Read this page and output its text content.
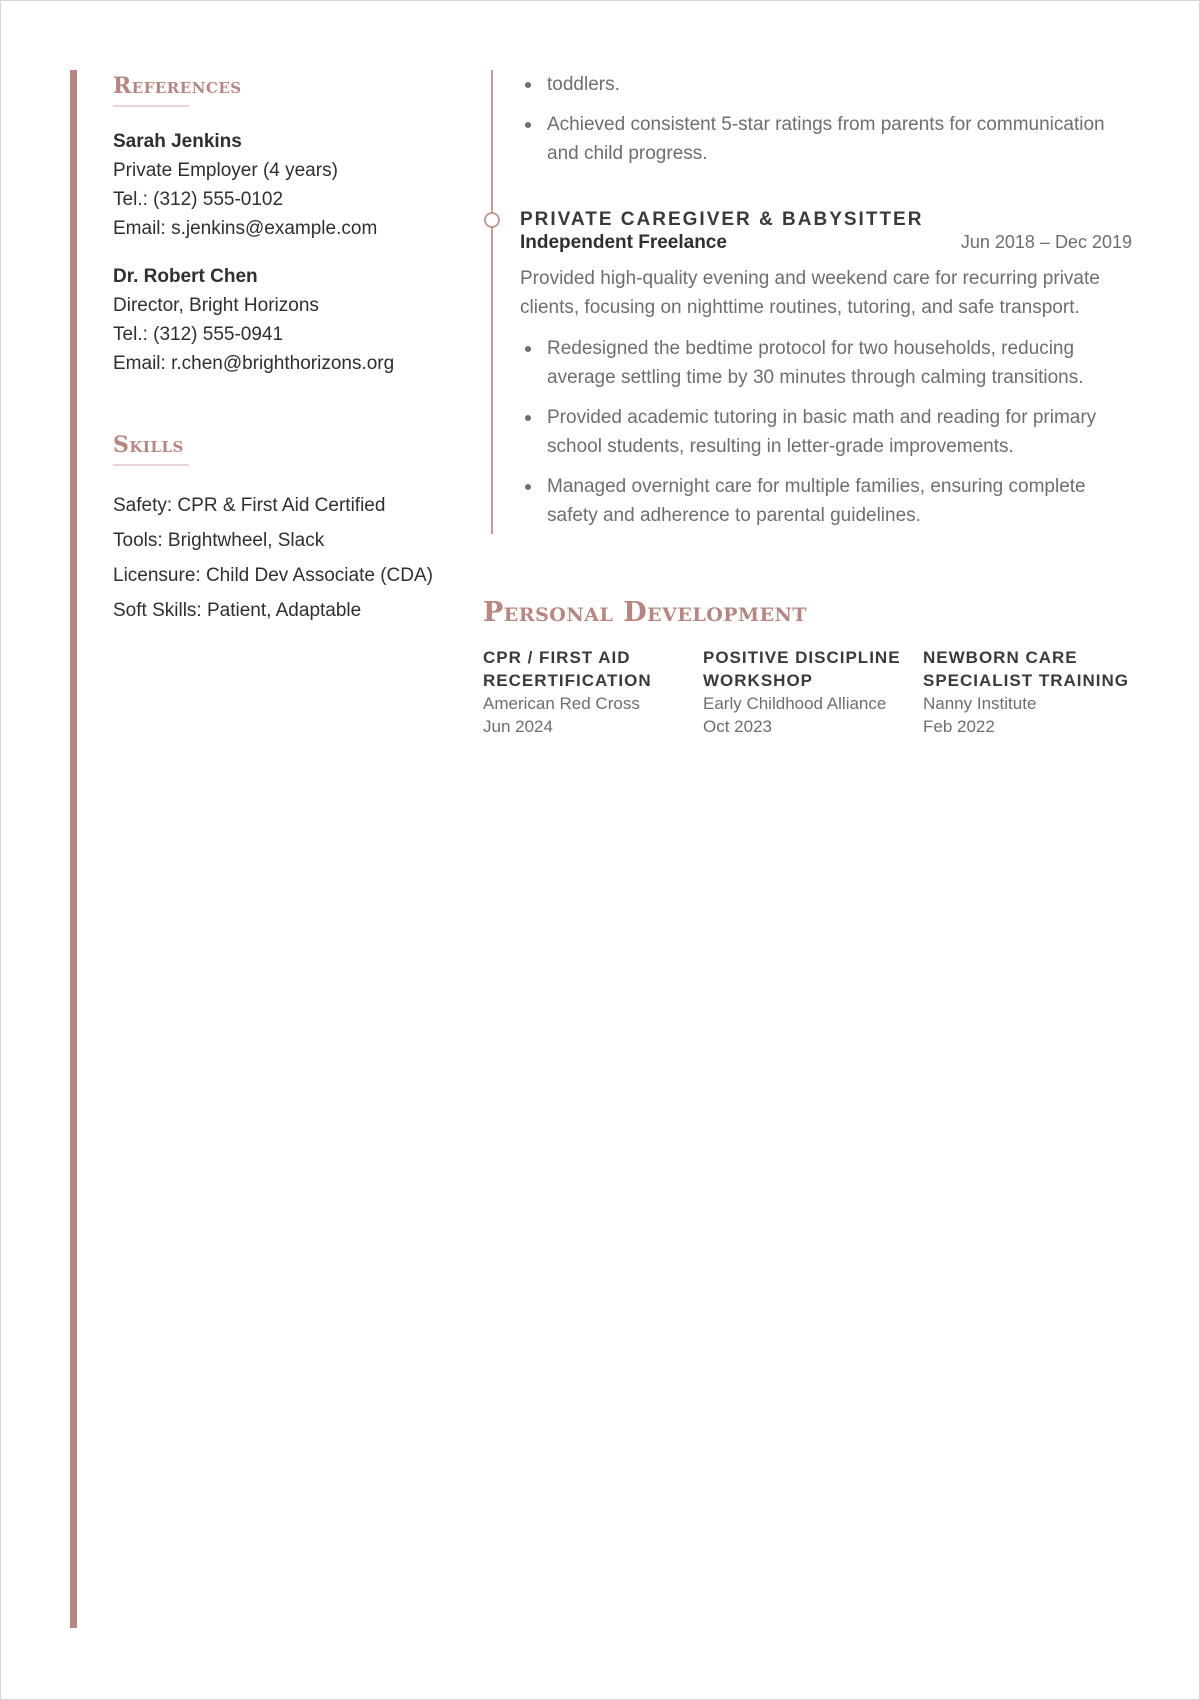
References
Sarah Jenkins
Private Employer (4 years)
Tel.: (312) 555-0102
Email: s.jenkins@example.com
Dr. Robert Chen
Director, Bright Horizons
Tel.: (312) 555-0941
Email: r.chen@brighthorizons.org
Skills
Safety: CPR & First Aid Certified
Tools: Brightwheel, Slack
Licensure: Child Dev Associate (CDA)
Soft Skills: Patient, Adaptable
toddlers.
Achieved consistent 5-star ratings from parents for communication and child progress.
PRIVATE CAREGIVER & BABYSITTER
Independent Freelance	Jun 2018 – Dec 2019

Provided high-quality evening and weekend care for recurring private clients, focusing on nighttime routines, tutoring, and safe transport.

Redesigned the bedtime protocol for two households, reducing average settling time by 30 minutes through calming transitions.
Provided academic tutoring in basic math and reading for primary school students, resulting in letter-grade improvements.
Managed overnight care for multiple families, ensuring complete safety and adherence to parental guidelines.
Personal Development

CPR / FIRST AID RECERTIFICATION

American Red Cross
Jun 2024

POSITIVE DISCIPLINE WORKSHOP

Early Childhood Alliance
Oct 2023

NEWBORN CARE SPECIALIST TRAINING

Nanny Institute
Feb 2022
